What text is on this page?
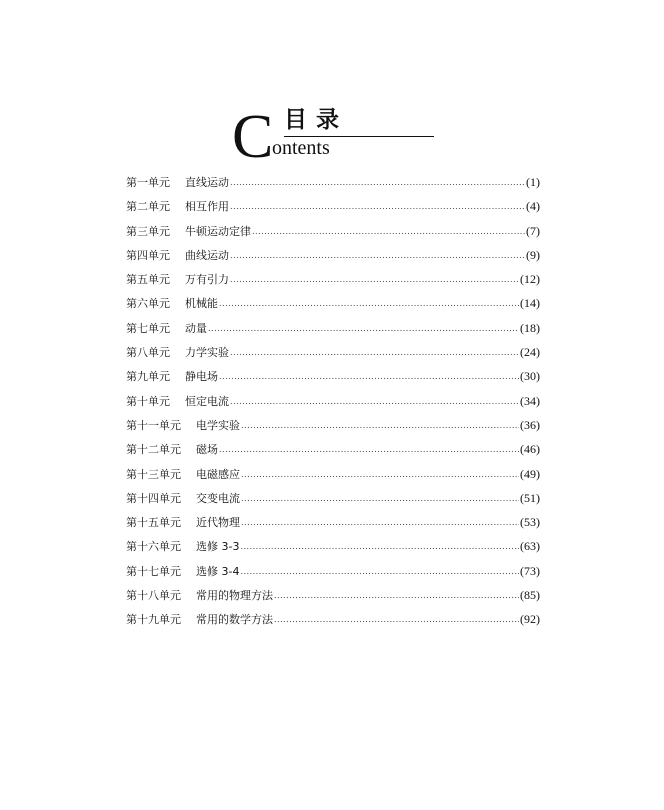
C 目录
ontents
第一单元 直线运动 .....	(1)
第二单元 相互作用 .....	(4)
第三单元 牛顿运动定律 .....	(7)
第四单元 曲线运动 .....	(9)
第五单元 万有引力 .....	(12)
第六单元 机械能 .....	(14)
第七单元 动量 .....	(18)
第八单元 力学实验 .....	(24)
第九单元 静电场 .....	(30)
第十单元 恒定电流 .....	(34)
第十一单元 电学实验 .....	(36)
第十二单元 磁场 .....	(46)
第十三单元 电磁感应 .....	(49)
第十四单元 交变电流 .....	(51)
第十五单元 近代物理 .....	(53)
第十六单元 选修 3-3 .....	(63)
第十七单元 选修 3-4 .....	(73)
第十八单元 常用的物理方法 .....	(85)
第十九单元 常用的数学方法 .....	(92)
